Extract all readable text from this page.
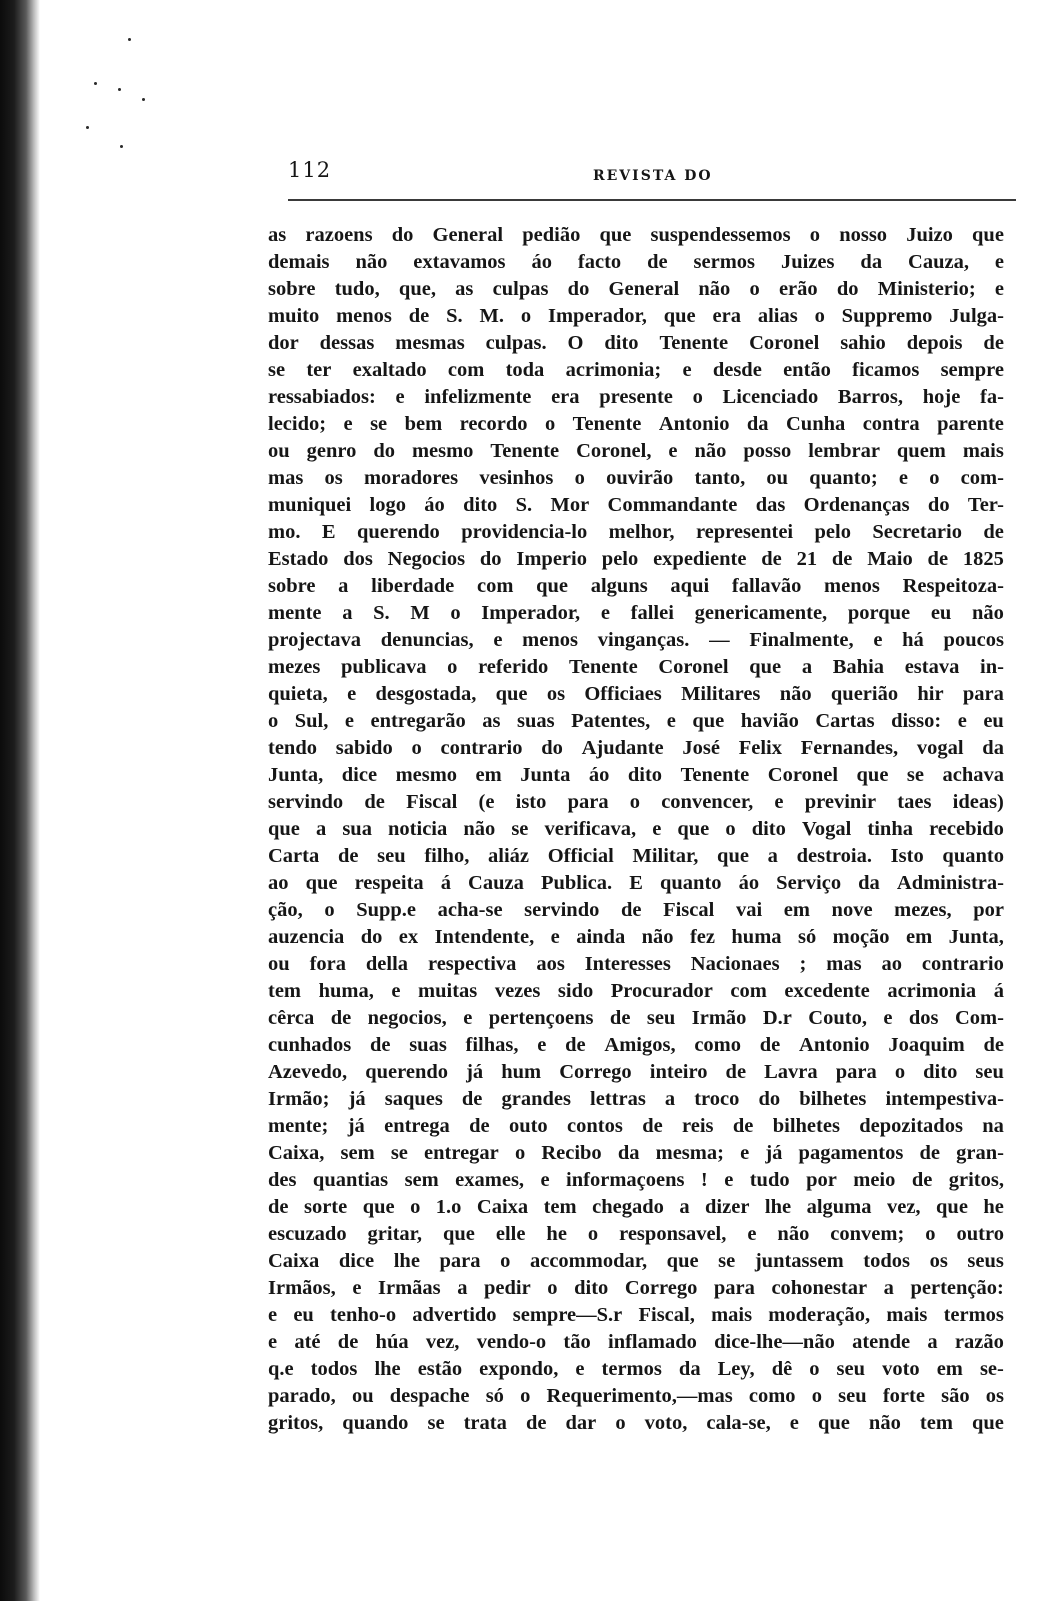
112	REVISTA DO
as razoens do General pedião que suspendessemos o nosso Juizo que
demais não extavamos áo facto de sermos Juizes da Cauza, e
sobre tudo, que, as culpas do General não o erão do Ministerio; e
muito menos de S. M. o Imperador, que era alias o Suppremo Julga-
dor dessas mesmas culpas. O dito Tenente Coronel sahio depois de
se ter exaltado com toda acrimonia; e desde então ficamos sempre
ressabiados: e infelizmente era presente o Licenciado Barros, hoje fa-
lecido; e se bem recordo o Tenente Antonio da Cunha contra parente
ou genro do mesmo Tenente Coronel, e não posso lembrar quem mais
mas os moradores vesinhos o ouvirão tanto, ou quanto; e o com-
muniquei logo áo dito S. Mor Commandante das Ordenanças do Ter-
mo. E querendo providencia-lo melhor, representei pelo Secretario de
Estado dos Negocios do Imperio pelo expediente de 21 de Maio de 1825
sobre a liberdade com que alguns aqui fallavão menos Respeitoza-
mente a S. M o Imperador, e fallei genericamente, porque eu não
projectava denuncias, e menos vinganças. — Finalmente, e há poucos
mezes publicava o referido Tenente Coronel que a Bahia estava in-
quieta, e desgostada, que os Officiaes Militares não querião hir para
o Sul, e entregarão as suas Patentes, e que havião Cartas disso: e eu
tendo sabido o contrario do Ajudante José Felix Fernandes, vogal da
Junta, dice mesmo em Junta áo dito Tenente Coronel que se achava
servindo de Fiscal (e isto para o convencer, e previnir taes ideas)
que a sua noticia não se verificava, e que o dito Vogal tinha recebido
Carta de seu filho, aliáz Official Militar, que a destroia. Isto quanto
ao que respeita á Cauza Publica. E quanto áo Serviço da Administra-
ção, o Supp.e acha-se servindo de Fiscal vai em nove mezes, por
auzencia do ex Intendente, e ainda não fez huma só moção em Junta,
ou fora della respectiva aos Interesses Nacionaes ; mas ao contrario
tem huma, e muitas vezes sido Procurador com excedente acrimonia á
cêrca de negocios, e pertençoens de seu Irmão D.r Couto, e dos Com-
cunhados de suas filhas, e de Amigos, como de Antonio Joaquim de
Azevedo, querendo já hum Corrego inteiro de Lavra para o dito seu
Irmão; já saques de grandes lettras a troco do bilhetes intempestiva-
mente; já entrega de outo contos de reis de bilhetes depozitados na
Caixa, sem se entregar o Recibo da mesma; e já pagamentos de gran-
des quantias sem exames, e informaçoens ! e tudo por meio de gritos,
de sorte que o 1.o Caixa tem chegado a dizer lhe alguma vez, que he
escuzado gritar, que elle he o responsavel, e não convem; o outro
Caixa dice lhe para o accommodar, que se juntassem todos os seus
Irmãos, e Irmãas a pedir o dito Corrego para cohonestar a pertenção:
e eu tenho-o advertido sempre—S.r Fiscal, mais moderação, mais termos
e até de húa vez, vendo-o tão inflamado dice-lhe—não atende a razão
q.e todos lhe estão expondo, e termos da Ley, dê o seu voto em se-
parado, ou despache só o Requerimento,—mas como o seu forte são os
gritos, quando se trata de dar o voto, cala-se, e que não tem que
